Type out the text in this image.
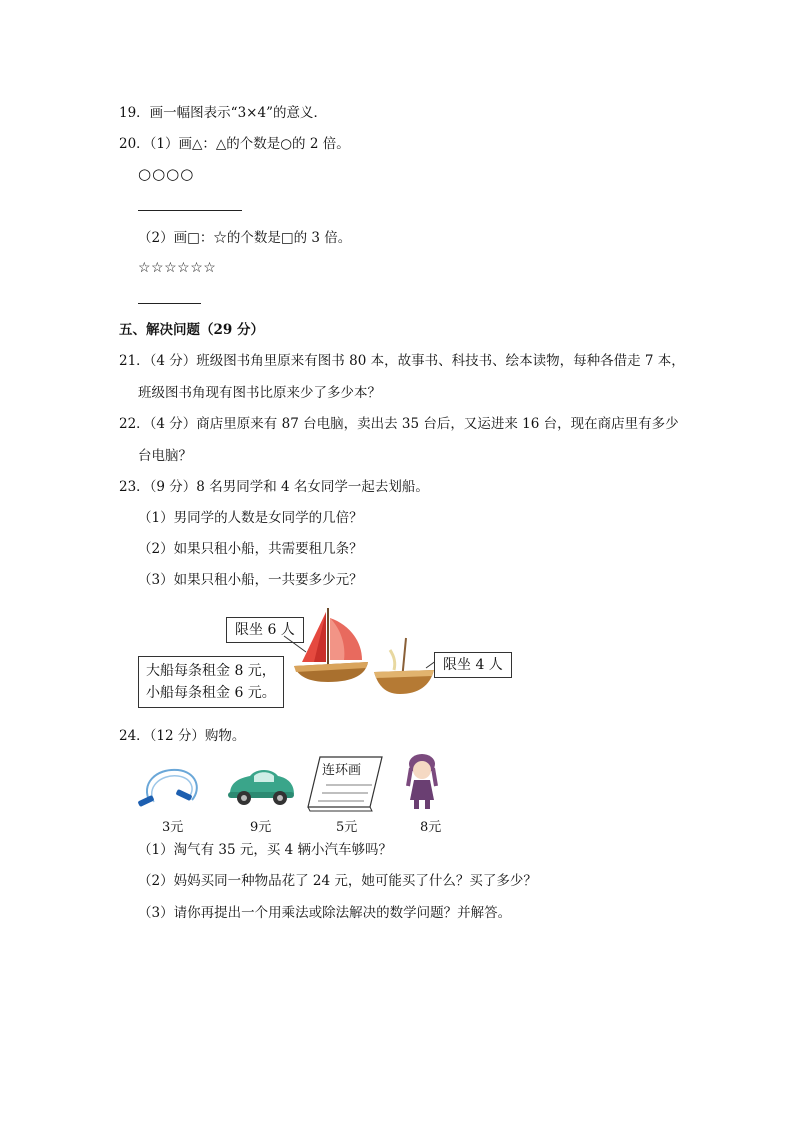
19．画一幅图表示“3×4”的意义．
20．（1）画△：△的个数是○的 2 倍。
○○○○
（2）画□：☆的个数是□的 3 倍。
☆☆☆☆☆☆
五、解决问题（29 分）
21．（4 分）班级图书角里原来有图书 80 本，故事书、科技书、绘本读物，每种各借走 7 本，
班级图书角现有图书比原来少了多少本？
22．（4 分）商店里原来有 87 台电脑，卖出去 35 台后，又运进来 16 台，现在商店里有多少
台电脑？
23．（9 分）8 名男同学和 4 名女同学一起去划船。
（1）男同学的人数是女同学的几倍？
（2）如果只租小船，共需要租几条？
（3）如果只租小船，一共要多少元？
限坐 6 人
限坐 4 人
大船每条租金 8 元，
小船每条租金 6 元。
24．（12 分）购物。
3元	9元
连环画
5元	8元
（1）淘气有 35 元，买 4 辆小汽车够吗？
（2）妈妈买同一种物品花了 24 元，她可能买了什么？买了多少？
（3）请你再提出一个用乘法或除法解决的数学问题？并解答。
